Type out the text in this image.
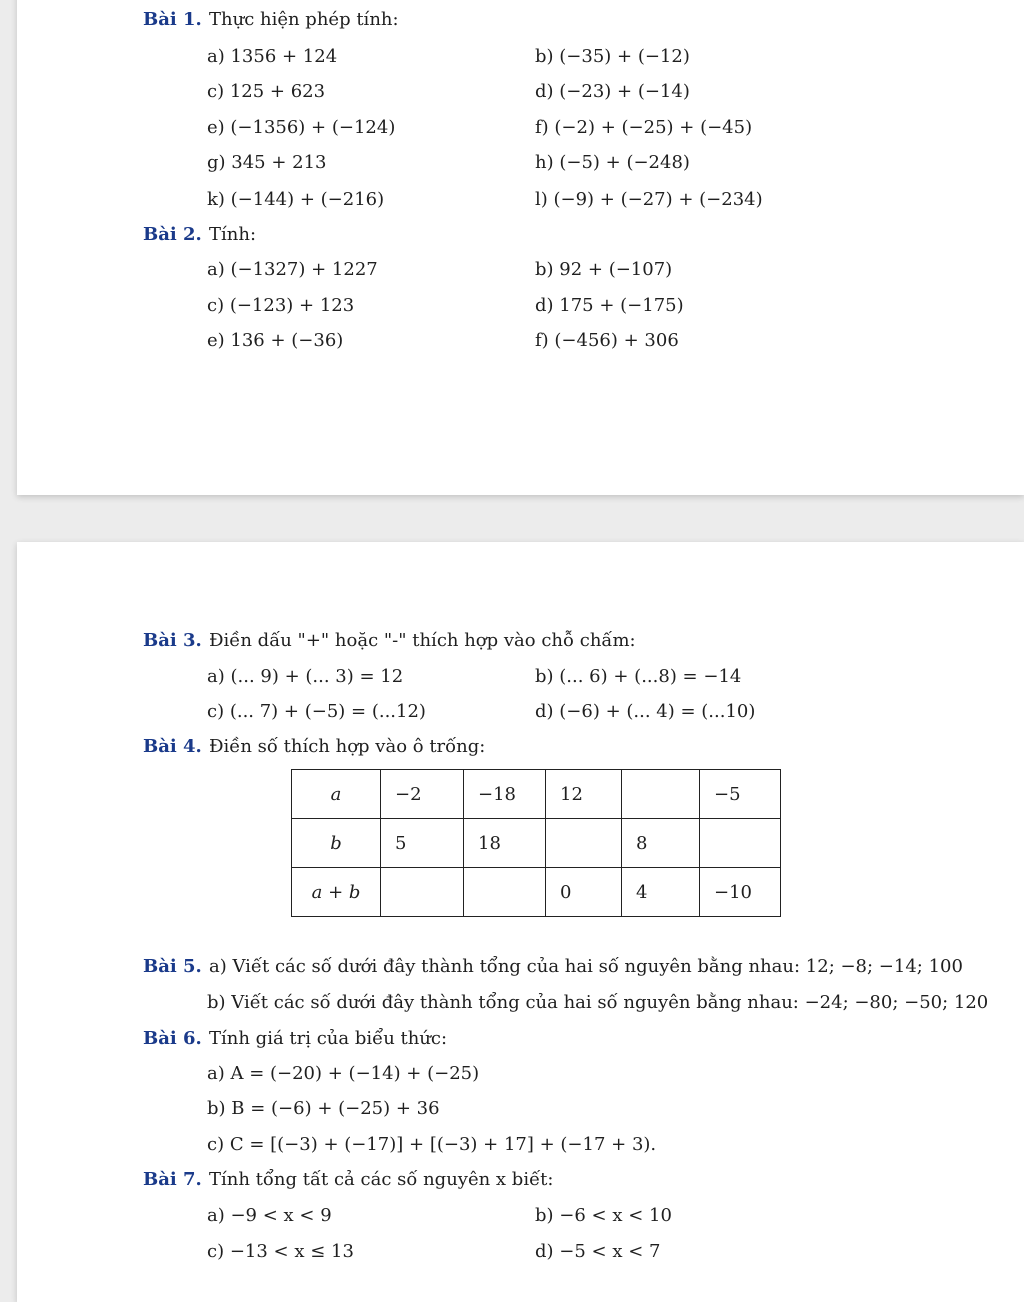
Bài 1. Thực hiện phép tính:
a) 1356 + 124	b) (−35) + (−12)
c) 125 + 623	d) (−23) + (−14)
e) (−1356) + (−124)	f) (−2) + (−25) + (−45)
g) 345 + 213	h) (−5) + (−248)
k) (−144) + (−216)	l) (−9) + (−27) + (−234)
Bài 2. Tính:
a) (−1327) + 1227	b) 92 + (−107)
c) (−123) + 123	d) 175 + (−175)
e) 136 + (−36)	f) (−456) + 306
Bài 3. Điền dấu "+" hoặc "-" thích hợp vào chỗ chấm:
a) (... 9) + (... 3) = 12	b) (... 6) + (...8) = −14
c) (... 7) + (−5) = (...12)	d) (−6) + (... 4) = (...10)
Bài 4. Điền số thích hợp vào ô trống:
a	−2	−18	12		−5
b	5	18		8	
a + b			0	4	−10
Bài 5. a) Viết các số dưới đây thành tổng của hai số nguyên bằng nhau: 12; −8; −14; 100
b) Viết các số dưới đây thành tổng của hai số nguyên bằng nhau: −24; −80; −50; 120
Bài 6. Tính giá trị của biểu thức:
a) A = (−20) + (−14) + (−25)
b) B = (−6) + (−25) + 36
c) C = [(−3) + (−17)] + [(−3) + 17] + (−17 + 3).
Bài 7. Tính tổng tất cả các số nguyên x biết:
a) −9 < x < 9	b) −6 < x < 10
c) −13 < x ≤ 13	d) −5 < x < 7
